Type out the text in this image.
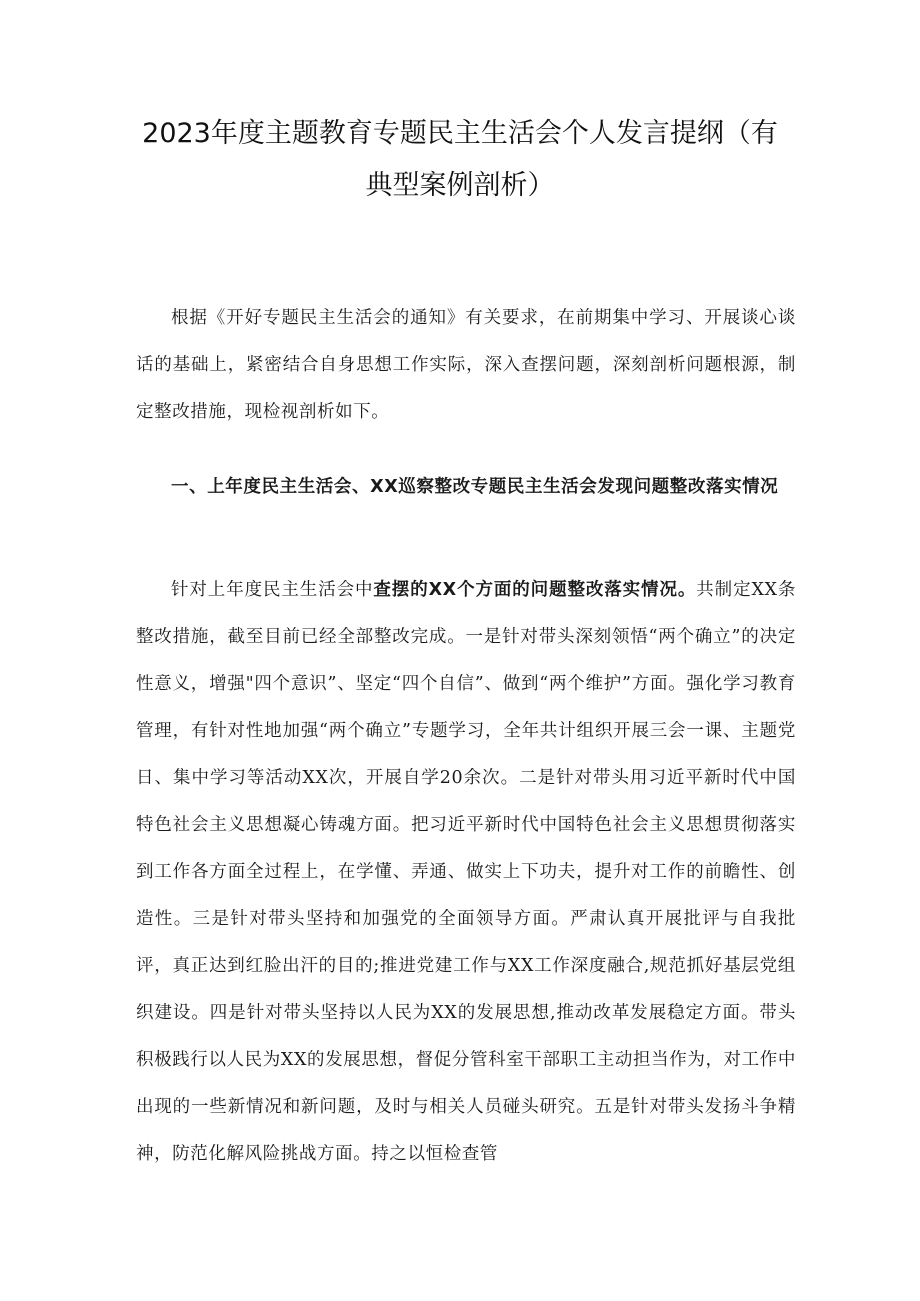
2023年度主题教育专题民主生活会个人发言提纲（有
典型案例剖析）

根据《开好专题民主生活会的通知》有关要求，在前期集中学习、开展谈心谈话的基础上，紧密结合自身思想工作实际，深入查摆问题，深刻剖析问题根源，制定整改措施，现检视剖析如下。

一、上年度民主生活会、XX巡察整改专题民主生活会发现问题整改落实情况

针对上年度民主生活会中查摆的XX个方面的问题整改落实情况。共制定XX条整改措施，截至目前已经全部整改完成。一是针对带头深刻领悟“两个确立”的决定性意义，增强"四个意识”、坚定“四个自信”、做到“两个维护”方面。强化学习教育管理，有针对性地加强“两个确立”专题学习，全年共计组织开展三会一课、主题党日、集中学习等活动XX次，开展自学20余次。二是针对带头用习近平新时代中国特色社会主义思想凝心铸魂方面。把习近平新时代中国特色社会主义思想贯彻落实到工作各方面全过程上，在学懂、弄通、做实上下功夫，提升对工作的前瞻性、创造性。三是针对带头坚持和加强党的全面领导方面。严肃认真开展批评与自我批评，真正达到红脸出汗的目的;推进党建工作与XX工作深度融合,规范抓好基层党组织建设。四是针对带头坚持以人民为XX的发展思想,推动改革发展稳定方面。带头积极践行以人民为XX的发展思想，督促分管科室干部职工主动担当作为，对工作中出现的一些新情况和新问题，及时与相关人员碰头研究。五是针对带头发扬斗争精神，防范化解风险挑战方面。持之以恒检查管
